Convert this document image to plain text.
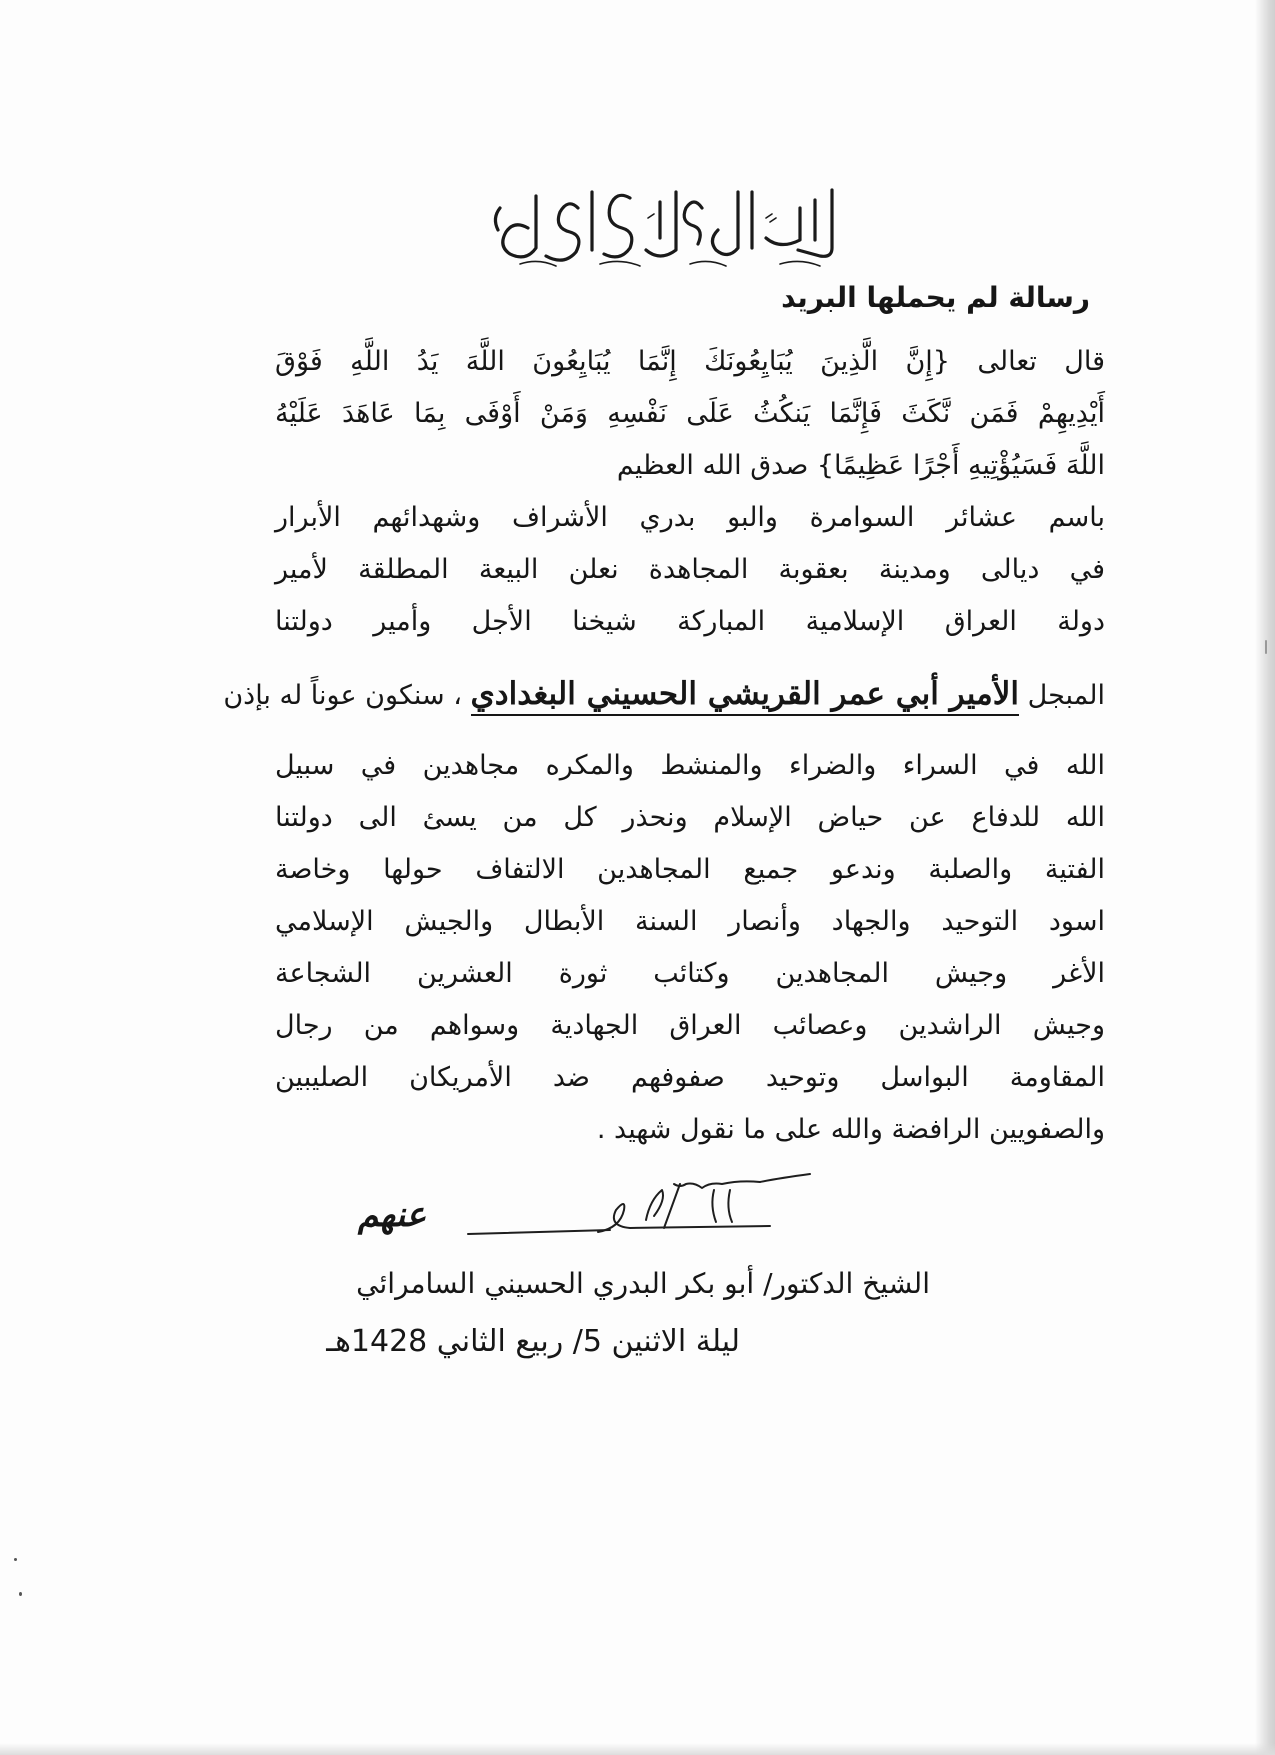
رسالة لم يحملها البريد
قال تعالى {إِنَّ الَّذِينَ يُبَايِعُونَكَ إِنَّمَا يُبَايِعُونَ اللَّهَ يَدُ اللَّهِ فَوْقَ
أَيْدِيهِمْ فَمَن نَّكَثَ فَإِنَّمَا يَنكُثُ عَلَى نَفْسِهِ وَمَنْ أَوْفَى بِمَا عَاهَدَ عَلَيْهُ
اللَّهَ فَسَيُؤْتِيهِ أَجْرًا عَظِيمًا} صدق الله العظيم
باسم عشائر السوامرة والبو بدري الأشراف وشهدائهم الأبرار
في ديالى ومدينة بعقوبة المجاهدة نعلن البيعة المطلقة لأمير
دولة العراق الإسلامية المباركة شيخنا الأجل وأمير دولتنا
المبجل الأمير أبي عمر القريشي الحسيني البغدادي ، سنكون عوناً له بإذن
الله في السراء والضراء والمنشط والمكره مجاهدين في سبيل
الله للدفاع عن حياض الإسلام ونحذر كل من يسئ الى دولتنا
الفتية والصلبة وندعو جميع المجاهدين الالتفاف حولها وخاصة
اسود التوحيد والجهاد وأنصار السنة الأبطال والجيش الإسلامي
الأغر وجيش المجاهدين وكتائب ثورة العشرين الشجاعة
وجيش الراشدين وعصائب العراق الجهادية وسواهم من رجال
المقاومة البواسل وتوحيد صفوفهم ضد الأمريكان الصليبين
والصفويين الرافضة والله على ما نقول شهيد .
عنهم
الشيخ الدكتور/ أبو بكر البدري الحسيني السامرائي
ليلة الاثنين 5/ ربيع الثاني 1428هـ
